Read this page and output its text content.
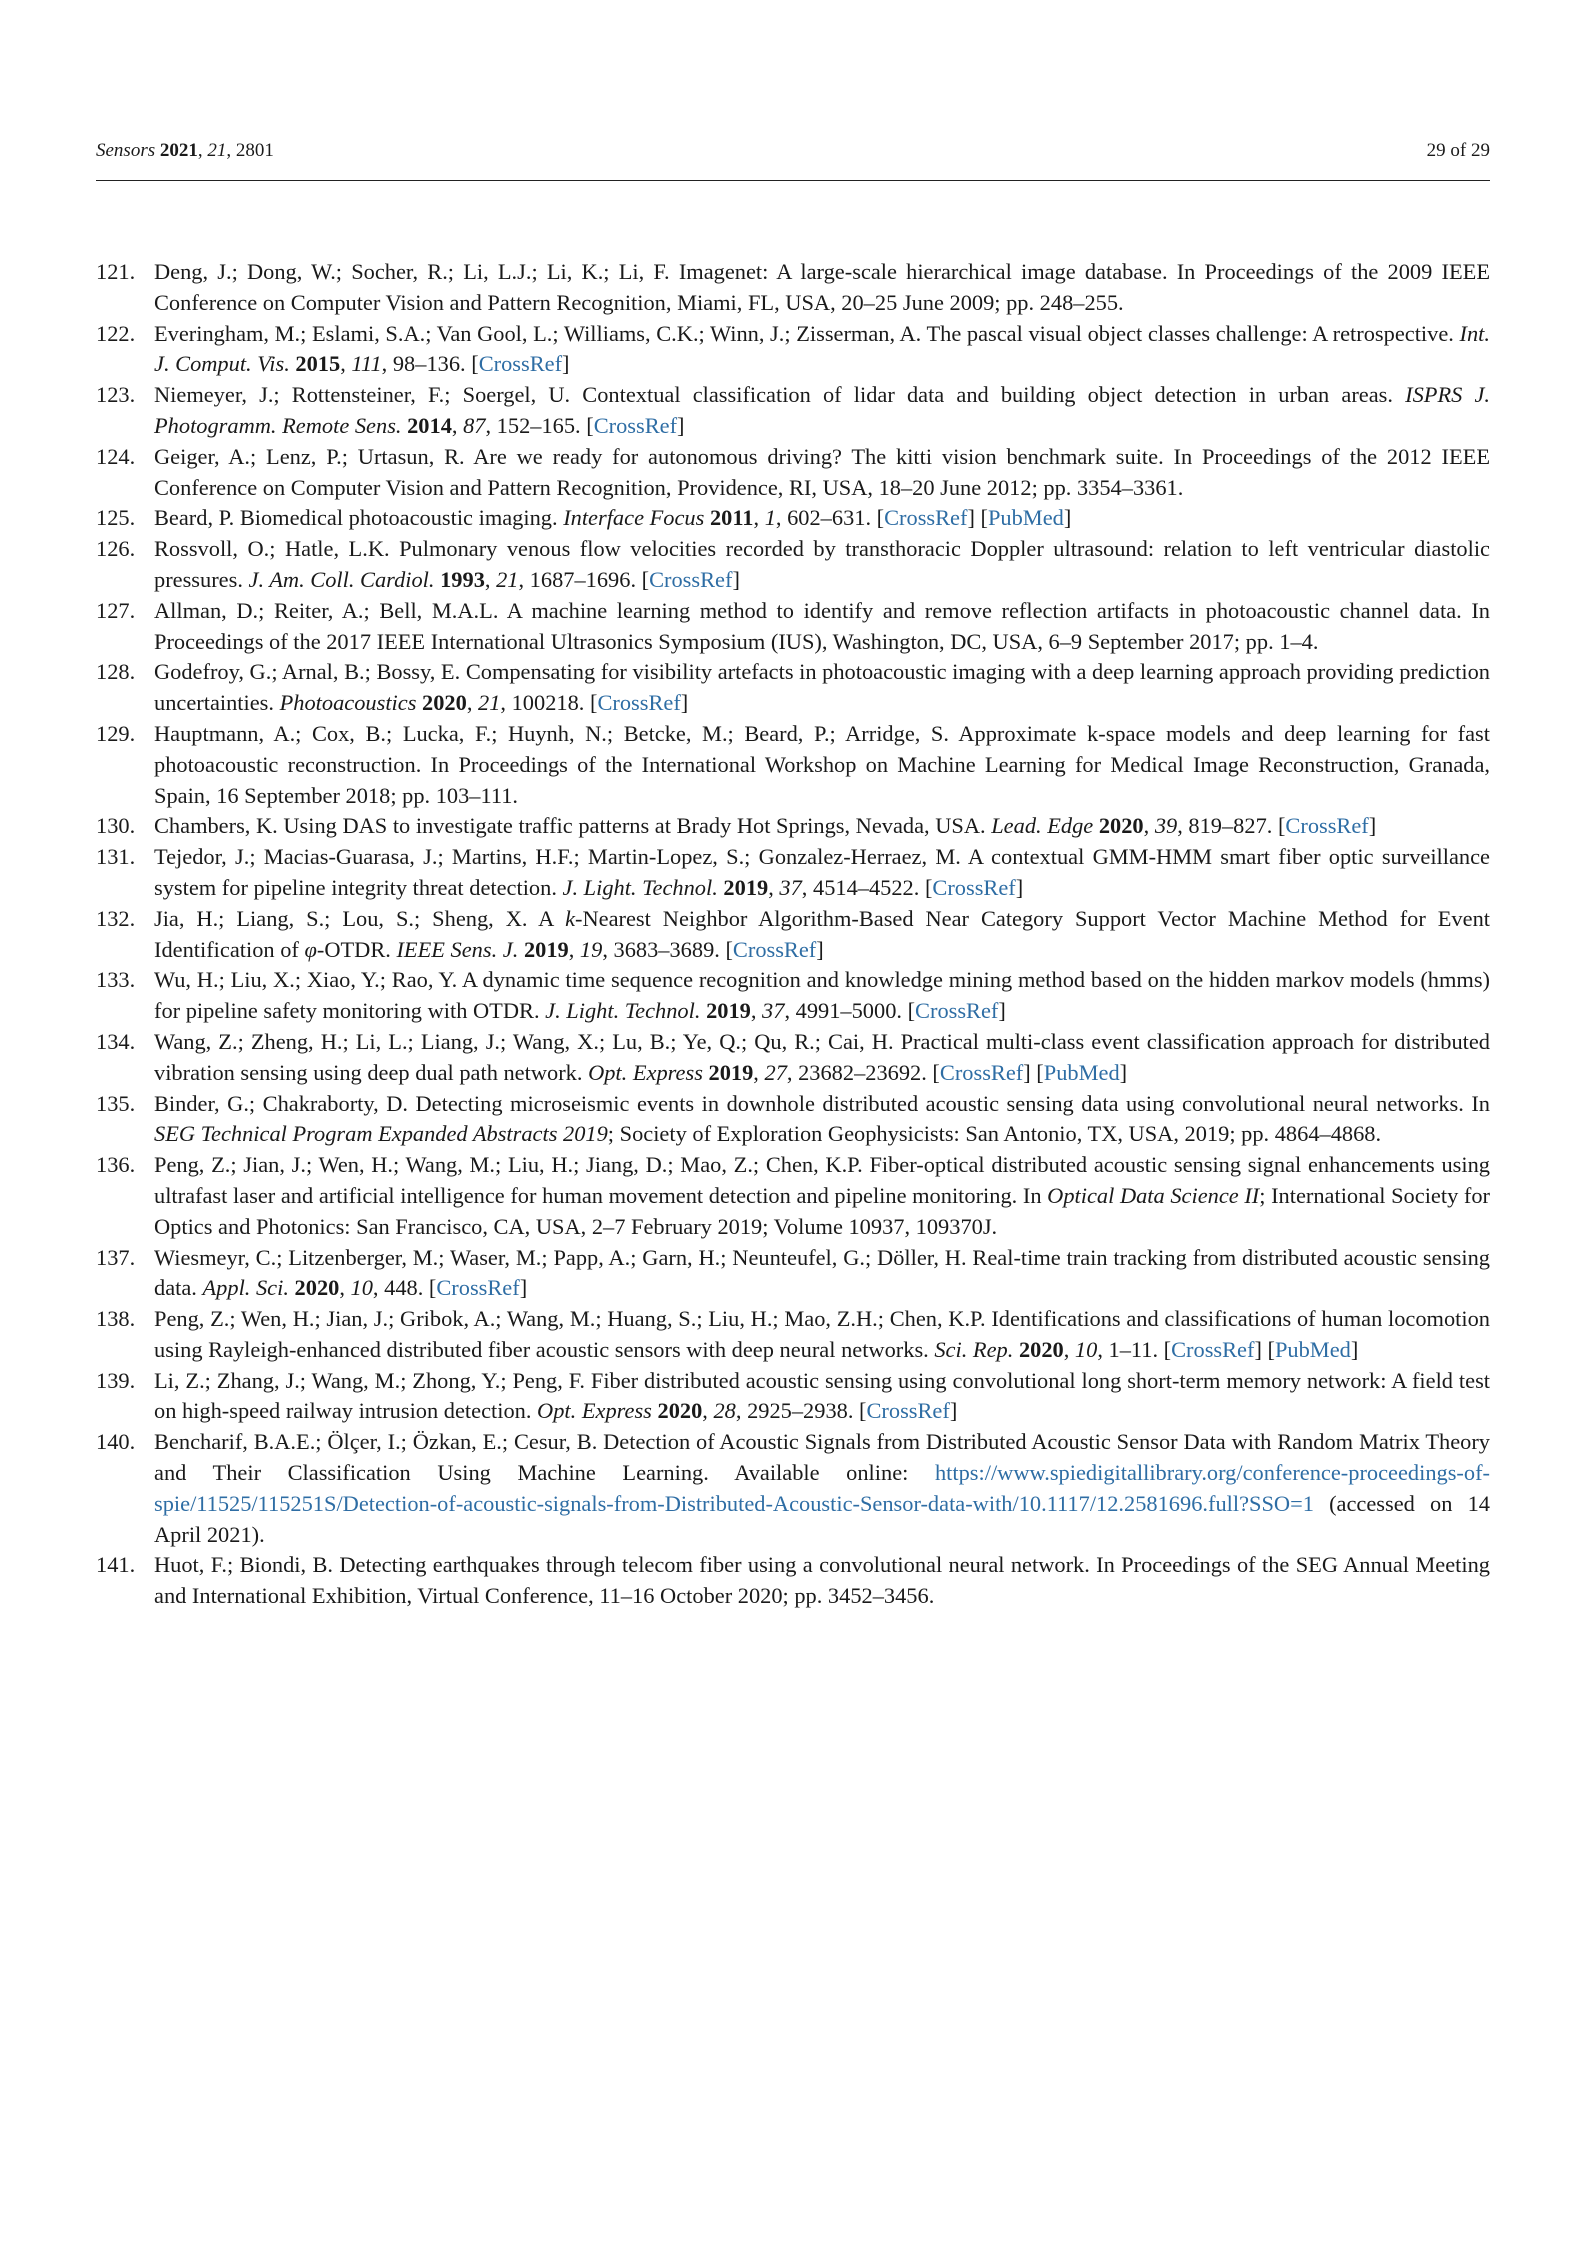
Sensors 2021, 21, 2801	29 of 29
121. Deng, J.; Dong, W.; Socher, R.; Li, L.J.; Li, K.; Li, F. Imagenet: A large-scale hierarchical image database. In Proceedings of the 2009 IEEE Conference on Computer Vision and Pattern Recognition, Miami, FL, USA, 20–25 June 2009; pp. 248–255.
122. Everingham, M.; Eslami, S.A.; Van Gool, L.; Williams, C.K.; Winn, J.; Zisserman, A. The pascal visual object classes challenge: A retrospective. Int. J. Comput. Vis. 2015, 111, 98–136. [CrossRef]
123. Niemeyer, J.; Rottensteiner, F.; Soergel, U. Contextual classification of lidar data and building object detection in urban areas. ISPRS J. Photogramm. Remote Sens. 2014, 87, 152–165. [CrossRef]
124. Geiger, A.; Lenz, P.; Urtasun, R. Are we ready for autonomous driving? The kitti vision benchmark suite. In Proceedings of the 2012 IEEE Conference on Computer Vision and Pattern Recognition, Providence, RI, USA, 18–20 June 2012; pp. 3354–3361.
125. Beard, P. Biomedical photoacoustic imaging. Interface Focus 2011, 1, 602–631. [CrossRef] [PubMed]
126. Rossvoll, O.; Hatle, L.K. Pulmonary venous flow velocities recorded by transthoracic Doppler ultrasound: relation to left ventricular diastolic pressures. J. Am. Coll. Cardiol. 1993, 21, 1687–1696. [CrossRef]
127. Allman, D.; Reiter, A.; Bell, M.A.L. A machine learning method to identify and remove reflection artifacts in photoacoustic channel data. In Proceedings of the 2017 IEEE International Ultrasonics Symposium (IUS), Washington, DC, USA, 6–9 September 2017; pp. 1–4.
128. Godefroy, G.; Arnal, B.; Bossy, E. Compensating for visibility artefacts in photoacoustic imaging with a deep learning approach providing prediction uncertainties. Photoacoustics 2020, 21, 100218. [CrossRef]
129. Hauptmann, A.; Cox, B.; Lucka, F.; Huynh, N.; Betcke, M.; Beard, P.; Arridge, S. Approximate k-space models and deep learning for fast photoacoustic reconstruction. In Proceedings of the International Workshop on Machine Learning for Medical Image Reconstruction, Granada, Spain, 16 September 2018; pp. 103–111.
130. Chambers, K. Using DAS to investigate traffic patterns at Brady Hot Springs, Nevada, USA. Lead. Edge 2020, 39, 819–827. [CrossRef]
131. Tejedor, J.; Macias-Guarasa, J.; Martins, H.F.; Martin-Lopez, S.; Gonzalez-Herraez, M. A contextual GMM-HMM smart fiber optic surveillance system for pipeline integrity threat detection. J. Light. Technol. 2019, 37, 4514–4522. [CrossRef]
132. Jia, H.; Liang, S.; Lou, S.; Sheng, X. A k-Nearest Neighbor Algorithm-Based Near Category Support Vector Machine Method for Event Identification of φ-OTDR. IEEE Sens. J. 2019, 19, 3683–3689. [CrossRef]
133. Wu, H.; Liu, X.; Xiao, Y.; Rao, Y. A dynamic time sequence recognition and knowledge mining method based on the hidden markov models (hmms) for pipeline safety monitoring with OTDR. J. Light. Technol. 2019, 37, 4991–5000. [CrossRef]
134. Wang, Z.; Zheng, H.; Li, L.; Liang, J.; Wang, X.; Lu, B.; Ye, Q.; Qu, R.; Cai, H. Practical multi-class event classification approach for distributed vibration sensing using deep dual path network. Opt. Express 2019, 27, 23682–23692. [CrossRef] [PubMed]
135. Binder, G.; Chakraborty, D. Detecting microseismic events in downhole distributed acoustic sensing data using convolutional neural networks. In SEG Technical Program Expanded Abstracts 2019; Society of Exploration Geophysicists: San Antonio, TX, USA, 2019; pp. 4864–4868.
136. Peng, Z.; Jian, J.; Wen, H.; Wang, M.; Liu, H.; Jiang, D.; Mao, Z.; Chen, K.P. Fiber-optical distributed acoustic sensing signal enhancements using ultrafast laser and artificial intelligence for human movement detection and pipeline monitoring. In Optical Data Science II; International Society for Optics and Photonics: San Francisco, CA, USA, 2–7 February 2019; Volume 10937, 109370J.
137. Wiesmeyr, C.; Litzenberger, M.; Waser, M.; Papp, A.; Garn, H.; Neunteufel, G.; Döller, H. Real-time train tracking from distributed acoustic sensing data. Appl. Sci. 2020, 10, 448. [CrossRef]
138. Peng, Z.; Wen, H.; Jian, J.; Gribok, A.; Wang, M.; Huang, S.; Liu, H.; Mao, Z.H.; Chen, K.P. Identifications and classifications of human locomotion using Rayleigh-enhanced distributed fiber acoustic sensors with deep neural networks. Sci. Rep. 2020, 10, 1–11. [CrossRef] [PubMed]
139. Li, Z.; Zhang, J.; Wang, M.; Zhong, Y.; Peng, F. Fiber distributed acoustic sensing using convolutional long short-term memory network: A field test on high-speed railway intrusion detection. Opt. Express 2020, 28, 2925–2938. [CrossRef]
140. Bencharif, B.A.E.; Ölçer, I.; Özkan, E.; Cesur, B. Detection of Acoustic Signals from Distributed Acoustic Sensor Data with Random Matrix Theory and Their Classification Using Machine Learning. Available online: https://www.spiedigitallibrary.org/conference-proceedings-of-spie/11525/115251S/Detection-of-acoustic-signals-from-Distributed-Acoustic-Sensor-data-with/10.1117/12.2581696.full?SSO=1 (accessed on 14 April 2021).
141. Huot, F.; Biondi, B. Detecting earthquakes through telecom fiber using a convolutional neural network. In Proceedings of the SEG Annual Meeting and International Exhibition, Virtual Conference, 11–16 October 2020; pp. 3452–3456.
